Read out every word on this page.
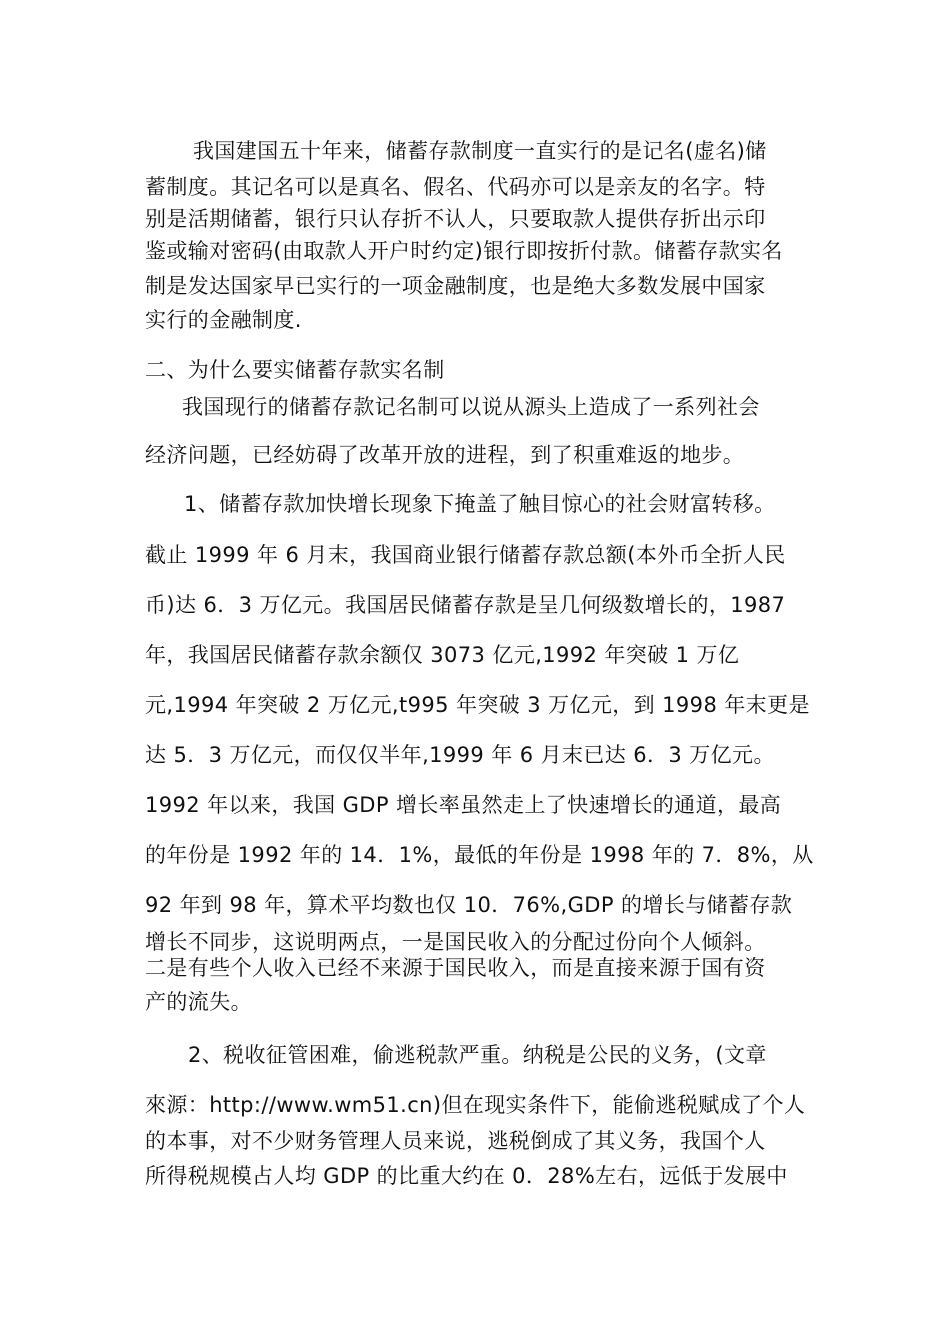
我国建国五十年来，储蓄存款制度一直实行的是记名(虚名)储

蓄制度。其记名可以是真名、假名、代码亦可以是亲友的名字。特

别是活期储蓄，银行只认存折不认人，只要取款人提供存折出示印

鉴或输对密码(由取款人开户时约定)银行即按折付款。储蓄存款实名

制是发达国家早已实行的一项金融制度，也是绝大多数发展中国家

实行的金融制度.

二、为什么要实储蓄存款实名制

我国现行的储蓄存款记名制可以说从源头上造成了一系列社会

经济问题，已经妨碍了改革开放的进程，到了积重难返的地步。

1、储蓄存款加快增长现象下掩盖了触目惊心的社会财富转移。

截止 1999 年 6 月末，我国商业银行储蓄存款总额(本外币全折人民

币)达 6．3 万亿元。我国居民储蓄存款是呈几何级数增长的，1987

年，我国居民储蓄存款余额仅 3073 亿元,1992 年突破 1 万亿

元,1994 年突破 2 万亿元,t995 年突破 3 万亿元，到 1998 年末更是

达 5．3 万亿元，而仅仅半年,1999 年 6 月末已达 6．3 万亿元。

1992 年以来，我国 GDP 增长率虽然走上了快速增长的通道，最高

的年份是 1992 年的 14．1%，最低的年份是 1998 年的 7．8%，从

92 年到 98 年，算术平均数也仅 10．76%,GDP 的增长与储蓄存款

增长不同步，这说明两点，一是国民收入的分配过份向个人倾斜。

二是有些个人收入已经不来源于国民收入，而是直接来源于国有资

产的流失。

2、税收征管困难，偷逃税款严重。纳税是公民的义务，(文章

來源：http://www.wm51.cn)但在现实条件下，能偷逃税赋成了个人

的本事，对不少财务管理人员来说，逃税倒成了其义务，我国个人

所得税规模占人均 GDP 的比重大约在 0．28%左右，远低于发展中
